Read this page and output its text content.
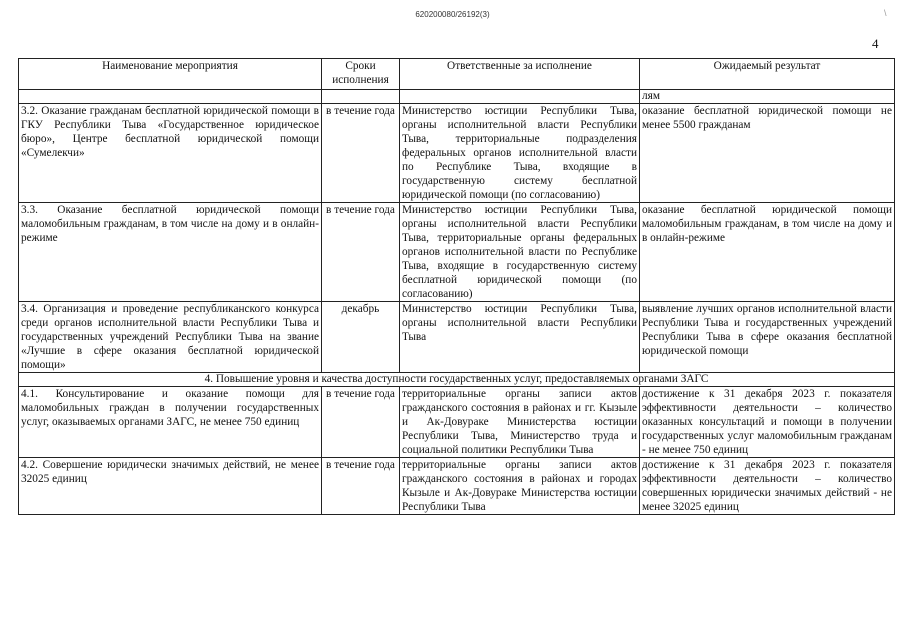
620200080/26192(3)	\
4
Наименование мероприятия	Сроки исполнения	Ответственные за исполнение	Ожидаемый результат
			лям
3.2. Оказание гражданам бесплатной юридической помощи в ГКУ Республики Тыва «Государственное юридическое бюро», Центре бесплатной юридической помощи «Сумелекчи»	в течение года	Министерство юстиции Республики Тыва, органы исполнительной власти Республики Тыва, территориальные подразделения федеральных органов исполнительной власти по Республике Тыва, входящие в государственную систему бесплатной юридической помощи (по согласованию)	оказание бесплатной юридической помощи не менее 5500 гражданам
3.3. Оказание бесплатной юридической помощи маломобильным гражданам, в том числе на дому и в онлайн-режиме	в течение года	Министерство юстиции Республики Тыва, органы исполнительной власти Республики Тыва, территориальные органы федеральных органов исполнительной власти по Республике Тыва, входящие в государственную систему бесплатной юридической помощи (по согласованию)	оказание бесплатной юридической помощи маломобильным гражданам, в том числе на дому и в онлайн-режиме
3.4. Организация и проведение республиканского конкурса среди органов исполнительной власти Республики Тыва и государственных учреждений Республики Тыва на звание «Лучшие в сфере оказания бесплатной юридической помощи»	декабрь	Министерство юстиции Республики Тыва, органы исполнительной власти Республики Тыва	выявление лучших органов исполнительной власти Республики Тыва и государственных учреждений Республики Тыва в сфере оказания бесплатной юридической помощи
4. Повышение уровня и качества доступности государственных услуг, предоставляемых органами ЗАГС			
4.1. Консультирование и оказание помощи для маломобильных граждан в получении государственных услуг, оказываемых органами ЗАГС, не менее 750 единиц	в течение года	территориальные органы записи актов гражданского состояния в районах и гг. Кызыле и Ак-Довураке Министерства юстиции Республики Тыва, Министерство труда и социальной политики Республики Тыва	достижение к 31 декабря 2023 г. показателя эффективности деятельности – количество оказанных консультаций и помощи в получении государственных услуг маломобильным гражданам - не менее 750 единиц
4.2. Совершение юридически значимых действий, не менее 32025 единиц	в течение года	территориальные органы записи актов гражданского состояния в районах и городах Кызыле и Ак-Довураке Министерства юстиции Республики Тыва	достижение к 31 декабря 2023 г. показателя эффективности деятельности – количество совершенных юридически значимых действий - не менее 32025 единиц
